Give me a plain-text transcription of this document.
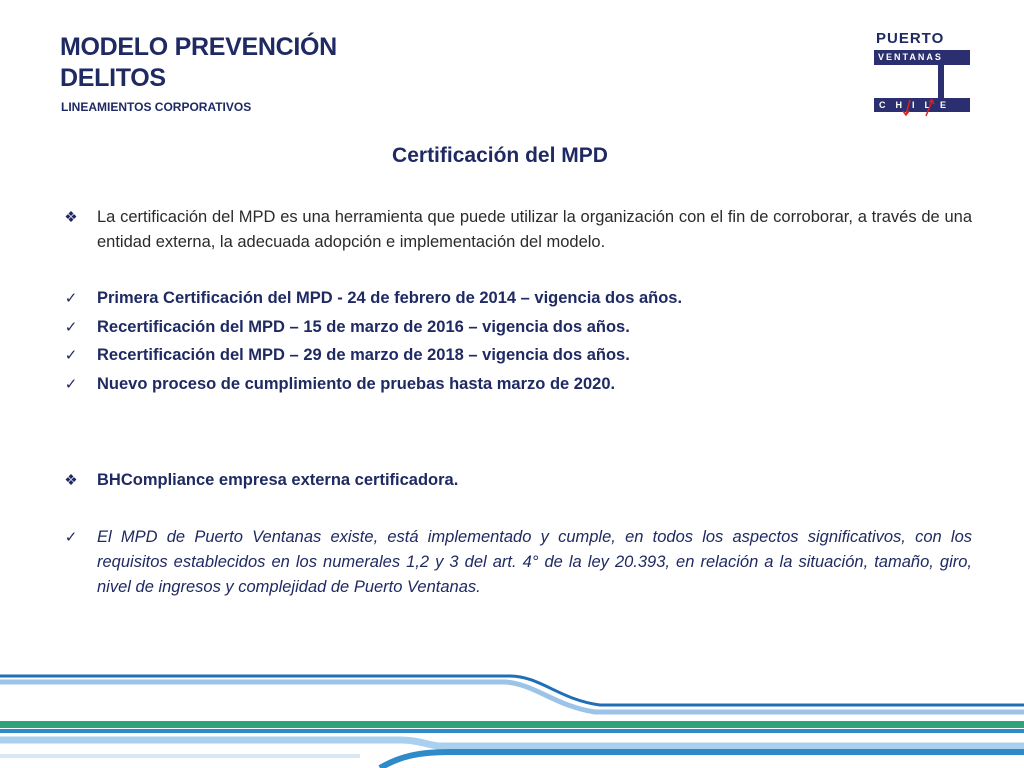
MODELO PREVENCIÓN
DELITOS
LINEAMIENTOS CORPORATIVOS
PUERTO
VENTANAS S.A.
CHILE
Certificación del MPD
❖ La certificación del MPD es una herramienta que puede utilizar la organización con el fin de corroborar, a través de una entidad externa, la adecuada adopción e implementación del modelo.
✓ Primera Certificación del MPD - 24 de febrero de 2014 – vigencia dos años.
✓ Recertificación del MPD – 15 de marzo de 2016 – vigencia dos años.
✓ Recertificación del MPD – 29 de marzo de 2018 – vigencia dos años.
✓ Nuevo proceso de cumplimiento de pruebas hasta marzo de 2020.
❖ BHCompliance empresa externa certificadora.
✓ El MPD de Puerto Ventanas existe, está implementado y cumple, en todos los aspectos significativos, con los requisitos establecidos en los numerales 1,2 y 3 del art. 4° de la ley 20.393, en relación a la situación, tamaño, giro, nivel de ingresos y complejidad de Puerto Ventanas.
